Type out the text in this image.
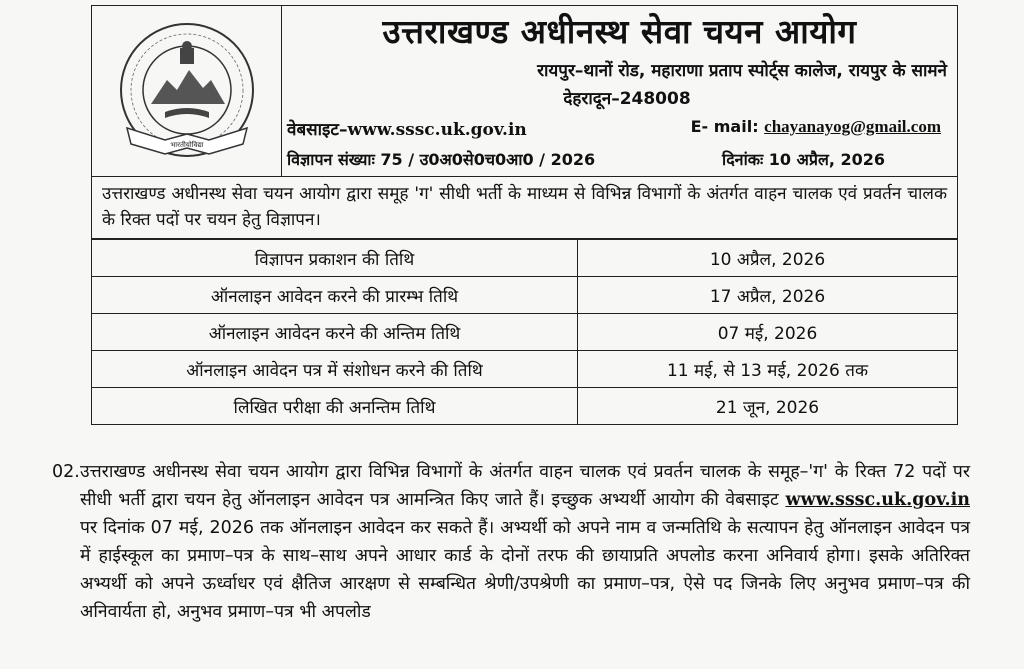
भारतीयोविद्या
उत्तराखण्ड अधीनस्थ सेवा चयन आयोग
रायपुर–थानों रोड, महाराणा प्रताप स्पोर्ट्स कालेज, रायपुर के सामने
देहरादून–248008
वेबसाइट–www.sssc.uk.gov.in	E- mail: chayanayog@gmail.com
विज्ञापन संख्याः 75 / उ0अ0से0च0आ0 / 2026	दिनांकः 10 अप्रैल, 2026
उत्तराखण्ड अधीनस्थ सेवा चयन आयोग द्वारा समूह 'ग' सीधी भर्ती के माध्यम से विभिन्न विभागों के अंतर्गत वाहन चालक एवं प्रवर्तन चालक के रिक्त पदों पर चयन हेतु विज्ञापन।
विज्ञापन प्रकाशन की तिथि	10 अप्रैल, 2026
ऑनलाइन आवेदन करने की प्रारम्भ तिथि	17 अप्रैल, 2026
ऑनलाइन आवेदन करने की अन्तिम तिथि	07 मई, 2026
ऑनलाइन आवेदन पत्र में संशोधन करने की तिथि	11 मई, से 13 मई, 2026 तक
लिखित परीक्षा की अनन्तिम तिथि	21 जून, 2026
02. उत्तराखण्ड अधीनस्थ सेवा चयन आयोग द्वारा विभिन्न विभागों के अंतर्गत वाहन चालक एवं प्रवर्तन चालक के समूह–'ग' के रिक्त 72 पदों पर सीधी भर्ती द्वारा चयन हेतु ऑनलाइन आवेदन पत्र आमन्त्रित किए जाते हैं। इच्छुक अभ्यर्थी आयोग की वेबसाइट www.sssc.uk.gov.in पर दिनांक 07 मई, 2026 तक ऑनलाइन आवेदन कर सकते हैं। अभ्यर्थी को अपने नाम व जन्मतिथि के सत्यापन हेतु ऑनलाइन आवेदन पत्र में हाईस्कूल का प्रमाण–पत्र के साथ–साथ अपने आधार कार्ड के दोनों तरफ की छायाप्रति अपलोड करना अनिवार्य होगा। इसके अतिरिक्त अभ्यर्थी को अपने ऊर्ध्वाधर एवं क्षैतिज आरक्षण से सम्बन्धित श्रेणी/उपश्रेणी का प्रमाण–पत्र, ऐसे पद जिनके लिए अनुभव प्रमाण–पत्र की अनिवार्यता हो, अनुभव प्रमाण–पत्र भी अपलोड
